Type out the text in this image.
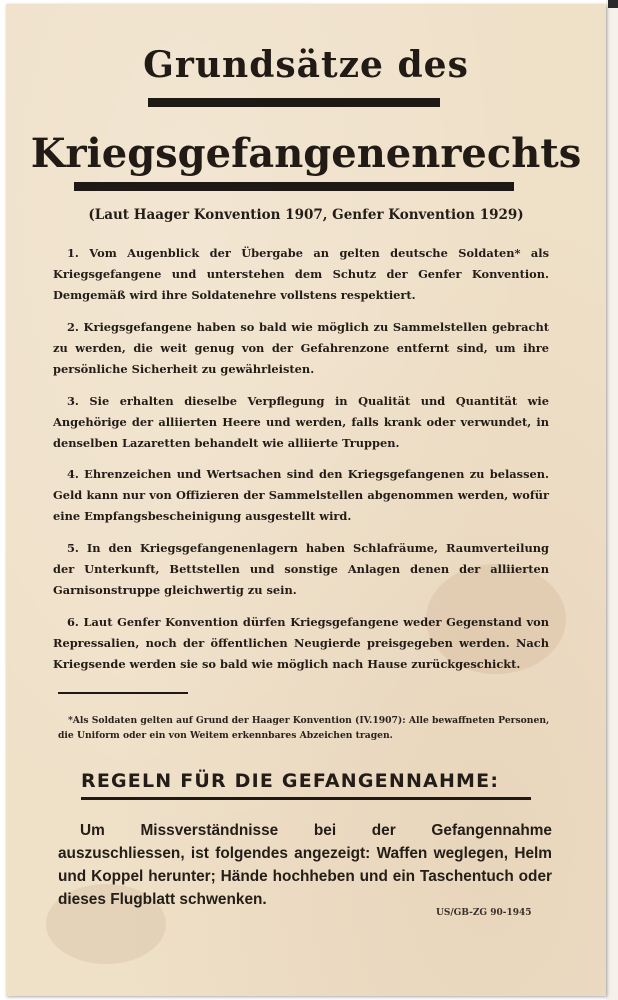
Grundsätze des
Kriegsgefangenenrechts
(Laut Haager Konvention 1907, Genfer Konvention 1929)
1. Vom Augenblick der Übergabe an gelten deutsche Soldaten* als Kriegsgefangene und unterstehen dem Schutz der Genfer Konvention. Demgemäß wird ihre Soldatenehre vollstens respektiert.
2. Kriegsgefangene haben so bald wie möglich zu Sammelstellen gebracht zu werden, die weit genug von der Gefahrenzone entfernt sind, um ihre persönliche Sicherheit zu gewährleisten.
3. Sie erhalten dieselbe Verpflegung in Qualität und Quantität wie Angehörige der alliierten Heere und werden, falls krank oder verwundet, in denselben Lazaretten behandelt wie alliierte Truppen.
4. Ehrenzeichen und Wertsachen sind den Kriegsgefangenen zu belassen. Geld kann nur von Offizieren der Sammelstellen abgenommen werden, wofür eine Empfangsbescheinigung ausgestellt wird.
5. In den Kriegsgefangenenlagern haben Schlafräume, Raumverteilung der Unterkunft, Bettstellen und sonstige Anlagen denen der alliierten Garnisonstruppe gleichwertig zu sein.
6. Laut Genfer Konvention dürfen Kriegsgefangene weder Gegenstand von Repressalien, noch der öffentlichen Neugierde preisgegeben werden. Nach Kriegsende werden sie so bald wie möglich nach Hause zurückgeschickt.
*Als Soldaten gelten auf Grund der Haager Konvention (IV.1907): Alle bewaffneten Personen, die Uniform oder ein von Weitem erkennbares Abzeichen tragen.
REGELN FÜR DIE GEFANGENNAHME:
Um Missverständnisse bei der Gefangennahme auszuschliessen, ist folgendes angezeigt: Waffen weglegen, Helm und Koppel herunter; Hände hochheben und ein Taschentuch oder dieses Flugblatt schwenken.
US/GB-ZG 90-1945
